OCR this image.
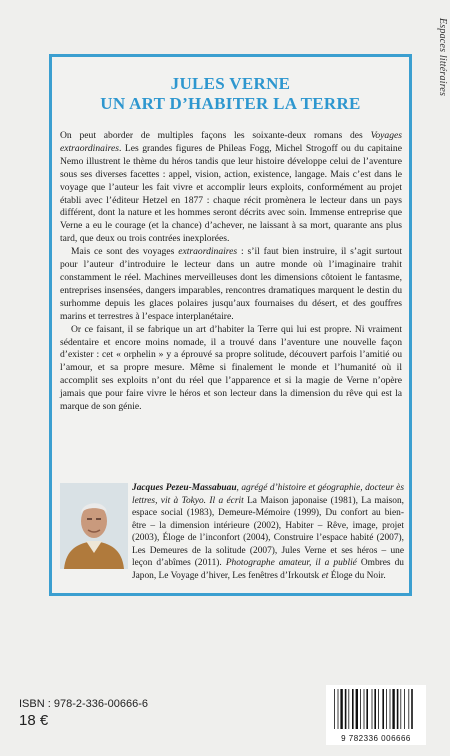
Espaces littéraires
JULES VERNE
UN ART D’HABITER LA TERRE

On peut aborder de multiples façons les soixante-deux romans des Voyages extraordinaires. Les grandes figures de Phileas Fogg, Michel Strogoff ou du capitaine Nemo illustrent le thème du héros tandis que leur histoire développe celui de l’aventure sous ses diverses facettes : appel, vision, action, existence, langage. Mais c’est dans le voyage que l’auteur les fait vivre et accomplir leurs exploits, conformément au projet établi avec l’éditeur Hetzel en 1877 : chaque récit promènera le lecteur dans un pays différent, dont la nature et les hommes seront décrits avec soin. Immense entreprise que Verne a eu le courage (et la chance) d’achever, ne laissant à sa mort, quarante ans plus tard, que deux ou trois contrées inexplorées.

Mais ce sont des voyages extraordinaires : s’il faut bien instruire, il s’agit surtout pour l’auteur d’introduire le lecteur dans un autre monde où l’imaginaire trahit constamment le réel. Machines merveilleuses dont les dimensions côtoient le fantasme, entreprises insensées, dangers imparables, rencontres dramatiques marquent le destin du surhomme depuis les glaces polaires jusqu’aux fournaises du désert, et des gouffres marins et terrestres à l’espace interplanétaire.

Or ce faisant, il se fabrique un art d’habiter la Terre qui lui est propre. Ni vraiment sédentaire et encore moins nomade, il a trouvé dans l’aventure une nouvelle façon d’exister : cet « orphelin » y a éprouvé sa propre solitude, découvert parfois l’amitié ou l’amour, et sa propre mesure. Même si finalement le monde et l’humanité où il accomplit ses exploits n’ont du réel que l’apparence et si la magie de Verne n’opère jamais que pour faire vivre le héros et son lecteur dans la dimension du rêve qui est la marque de son génie.

Jacques Pezeu-Massabuau, agrégé d’histoire et géographie, docteur ès lettres, vit à Tokyo. Il a écrit La Maison japonaise (1981), La maison, espace social (1983), Demeure-Mémoire (1999), Du confort au bien-être – la dimension intérieure (2002), Habiter – Rêve, image, projet (2003), Éloge de l’inconfort (2004), Construire l’espace habité (2007), Les Demeures de la solitude (2007), Jules Verne et ses héros – une leçon d’abîmes (2011). Photographe amateur, il a publié Ombres du Japon, Le Voyage d’hiver, Les fenêtres d’Irkoutsk et Éloge du Noir.
ISBN : 978-2-336-00666-6
18 €
9 782336 006666
